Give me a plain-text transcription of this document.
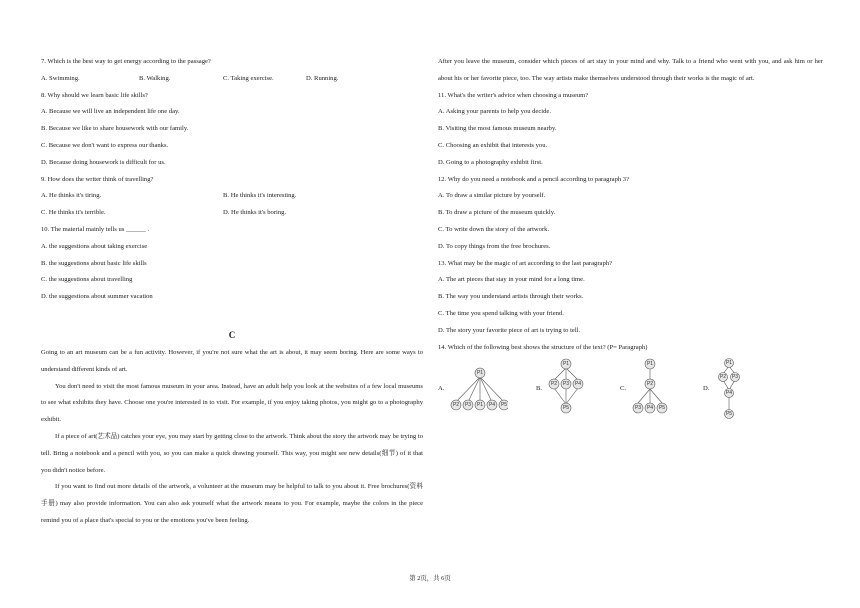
7. Which is the best way to get energy according to the passage?
A. Swimming.	B. Walking.	C. Taking exercise.	D. Running.
8. Why should we learn basic life skills?
A. Because we will live an independent life one day.
B. Because we like to share housework with our family.
C. Because we don't want to express our thanks.
D. Because doing housework is difficult for us.
9. How does the writer think of travelling?
A. He thinks it's tiring.	B. He thinks it's interesting.
C. He thinks it's terrible.	D. He thinks it's boring.
10. The material mainly tells us ______ .
A. the suggestions about taking exercise
B. the suggestions about basic life skills
C. the suggestions about travelling
D. the suggestions about summer vacation
C
Going to an art museum can be a fun activity. However, if you're not sure what the art is about, it may seem boring. Here are some ways to understand different kinds of art.
You don't need to visit the most famous museum in your area. Instead, have an adult help you look at the websites of a few local museums to see what exhibits they have. Choose one you're interested in to visit. For example, if you enjoy taking photos, you might go to a photography exhibit.
If a piece of art(艺术品) catches your eye, you may start by getting close to the artwork. Think about the story the artwork may be trying to tell. Bring a notebook and a pencil with you, so you can make a quick drawing yourself. This way, you might see new details(细节) of it that you didn't notice before.
If you want to find out more details of the artwork, a volunteer at the museum may be helpful to talk to you about it. Free brochures(资料手册) may also provide information. You can also ask yourself what the artwork means to you. For example, maybe the colors in the piece remind you of a place that's special to you or the emotions you've been feeling.
After you leave the museum, consider which pieces of art stay in your mind and why. Talk to a friend who went with you, and ask him or her about his or her favorite piece, too. The way artists make themselves understood through their works is the magic of art.
11. What's the writer's advice when choosing a museum?
A. Asking your parents to help you decide.
B. Visiting the most famous museum nearby.
C. Choosing an exhibit that interests you.
D. Going to a photography exhibit first.
12. Why do you need a notebook and a pencil according to paragraph 3?
A. To draw a similar picture by yourself.
B. To draw a picture of the museum quickly.
C. To write down the story of the artwork.
D. To copy things from the free brochures.
13. What may be the magic of art according to the last paragraph?
A. The art pieces that stay in your mind for a long time.
B. The way you understand artists through their works.
C. The time you spend talking with your friend.
D. The story your favorite piece of art is trying to tell.
14. Which of the following best shows the structure of the text? (P= Paragraph)
A.
P1
P2 P3 P1 P4 P5
B.
P1
P2 P3 P4
P5
C.
P1
P2
P3 P4 P5
D.
P1
P2 P3
P4
P5
第 2页，共 6页
